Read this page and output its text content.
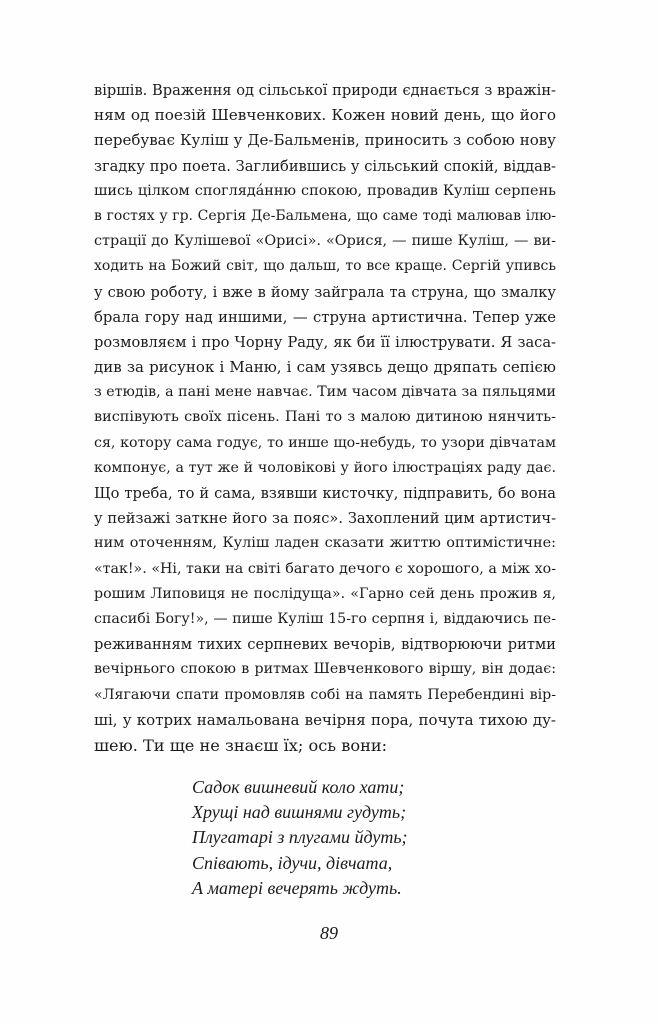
віршів. Враження од сільської природи єднається з вражін-
ням од поезій Шевченкових. Кожен новий день, що його
перебуває Куліш у Де-Бальменів, приносить з собою нову
згадку про поета. Заглибившись у сільський спокій, віддав-
шись цілком споглядáнню спокою, провадив Куліш серпень
в гостях у гр. Сергія Де-Бальмена, що саме тоді малював ілю-
страції до Кулішевої «Орисі». «Орися, — пише Куліш, — ви-
ходить на Божий світ, що дальш, то все краще. Сергій упивсь
у свою роботу, і вже в йому зайграла та струна, що змалку
брала гору над иншими, — струна артистична. Тепер уже
розмовляєм і про Чорну Раду, як би її ілюструвати. Я заса-
див за рисунок і Маню, і сам узявсь дещо дряпать сепією
з етюдів, а пані мене навчає. Тим часом дівчата за пяльцями
виспівують своїх пісень. Пані то з малою дитиною нянчить-
ся, котору сама годує, то инше що-небудь, то узори дівчатам
компонує, а тут же й чоловікові у його ілюстраціях раду дає.
Що треба, то й сама, взявши кисточку, підправить, бо вона
у пейзажі заткне його за пояс». Захоплений цим артистич-
ним оточенням, Куліш ладен сказати життю оптимістичне:
«так!». «Ні, таки на світі багато дечого є хорошого, а між хо-
рошим Липовиця не послідуща». «Гарно сей день прожив я,
спасибі Богу!», — пише Куліш 15-го серпня і, віддаючись пе-
реживанням тихих серпневих вечорів, відтворюючи ритми
вечірнього спокою в ритмах Шевченкового віршу, він додає:
«Лягаючи спати промовляв собі на память Перебендині вір-
ші, у котрих намальована вечірня пора, почута тихою ду-
шею. Ти ще не знаєш їх; ось вони:
Садок вишневий коло хати;
Хрущі над вишнями гудуть;
Плугатарі з плугами йдуть;
Співають, ідучи, дівчата,
А матері вечерять ждуть.
89
